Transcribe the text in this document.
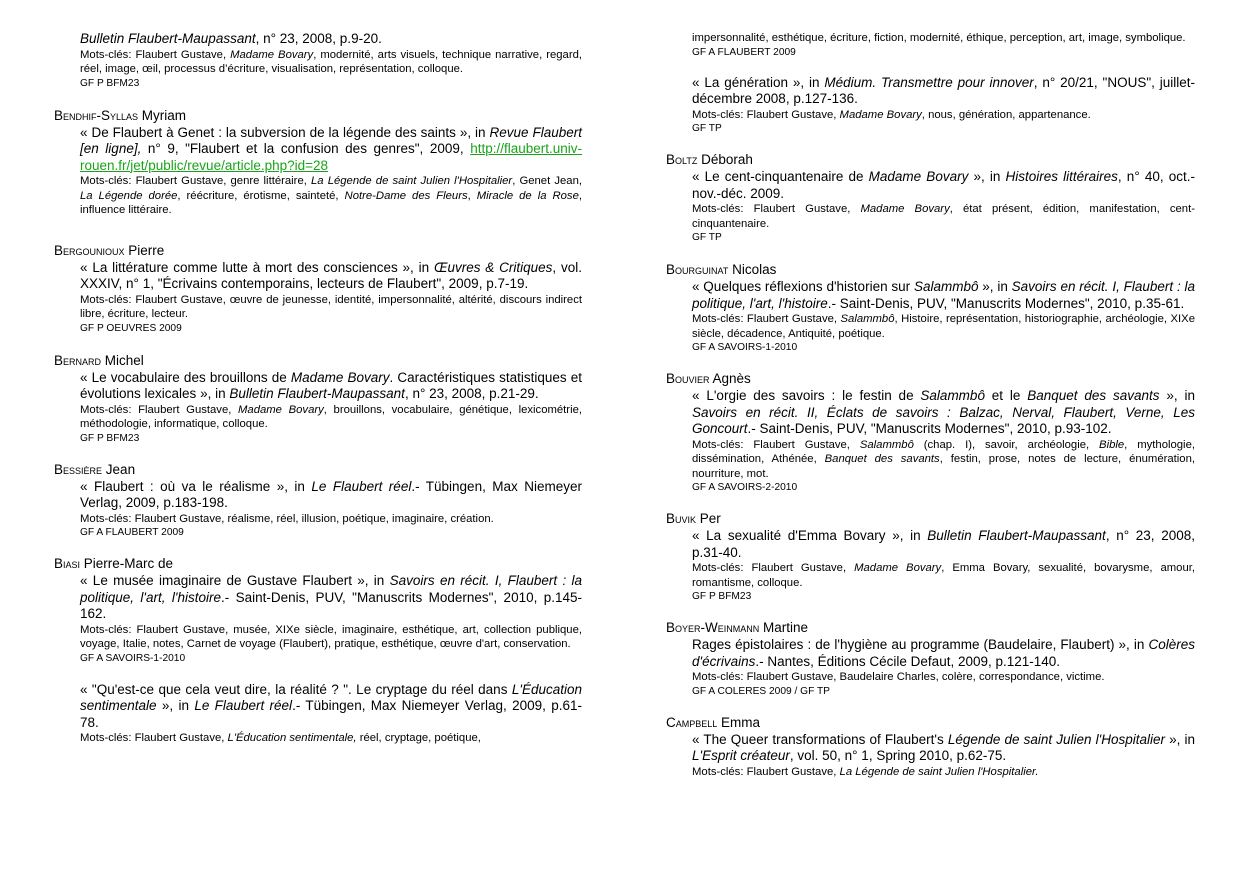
Bulletin Flaubert-Maupassant, n° 23, 2008, p.9-20.
Mots-clés: Flaubert Gustave, Madame Bovary, modernité, arts visuels, technique narrative, regard, réel, image, œil, processus d’écriture, visualisation, représentation, colloque.
GF P BFM23
Bendhif-Syllas Myriam
« De Flaubert à Genet : la subversion de la légende des saints », in Revue Flaubert [en ligne], n° 9, "Flaubert et la confusion des genres", 2009, http://flaubert.univ-rouen.fr/jet/public/revue/article.php?id=28
Mots-clés: Flaubert Gustave, genre littéraire, La Légende de saint Julien l'Hospitalier, Genet Jean, La Légende dorée, réécriture, érotisme, sainteté, Notre-Dame des Fleurs, Miracle de la Rose, influence littéraire.
Bergounioux Pierre
« La littérature comme lutte à mort des consciences », in Œuvres & Critiques, vol. XXXIV, n° 1, "Écrivains contemporains, lecteurs de Flaubert", 2009, p.7-19.
Mots-clés: Flaubert Gustave, œuvre de jeunesse, identité, impersonnalité, altérité, discours indirect libre, écriture, lecteur.
GF P OEUVRES 2009
Bernard Michel
« Le vocabulaire des brouillons de Madame Bovary. Caractéristiques statistiques et évolutions lexicales », in Bulletin Flaubert-Maupassant, n° 23, 2008, p.21-29.
Mots-clés: Flaubert Gustave, Madame Bovary, brouillons, vocabulaire, génétique, lexicométrie, méthodologie, informatique, colloque.
GF P BFM23
Bessière Jean
« Flaubert : où va le réalisme », in Le Flaubert réel.- Tübingen, Max Niemeyer Verlag, 2009, p.183-198.
Mots-clés: Flaubert Gustave, réalisme, réel, illusion, poétique, imaginaire, création.
GF A FLAUBERT 2009
Biasi Pierre-Marc de
« Le musée imaginaire de Gustave Flaubert », in Savoirs en récit. I, Flaubert : la politique, l'art, l'histoire.- Saint-Denis, PUV, "Manuscrits Modernes", 2010, p.145-162.
Mots-clés: Flaubert Gustave, musée, XIXe siècle, imaginaire, esthétique, art, collection publique, voyage, Italie, notes, Carnet de voyage (Flaubert), pratique, esthétique, œuvre d'art, conservation.
GF A SAVOIRS-1-2010
« "Qu'est-ce que cela veut dire, la réalité ? ". Le cryptage du réel dans L'Éducation sentimentale », in Le Flaubert réel.- Tübingen, Max Niemeyer Verlag, 2009, p.61-78.
Mots-clés: Flaubert Gustave, L'Éducation sentimentale, réel, cryptage, poétique,
impersonnalité, esthétique, écriture, fiction, modernité, éthique, perception, art, image, symbolique.
GF A FLAUBERT 2009
« La génération », in Médium. Transmettre pour innover, n° 20/21, "NOUS", juillet-décembre 2008, p.127-136.
Mots-clés: Flaubert Gustave, Madame Bovary, nous, génération, appartenance.
GF TP
Boltz Déborah
« Le cent-cinquantenaire de Madame Bovary », in Histoires littéraires, n° 40, oct.-nov.-déc. 2009.
Mots-clés: Flaubert Gustave, Madame Bovary, état présent, édition, manifestation, cent-cinquantenaire.
GF TP
Bourguinat Nicolas
« Quelques réflexions d'historien sur Salammbô », in Savoirs en récit. I, Flaubert : la politique, l'art, l'histoire.- Saint-Denis, PUV, "Manuscrits Modernes", 2010, p.35-61.
Mots-clés: Flaubert Gustave, Salammbô, Histoire, représentation, historiographie, archéologie, XIXe siècle, décadence, Antiquité, poétique.
GF A SAVOIRS-1-2010
Bouvier Agnès
« L'orgie des savoirs : le festin de Salammbô et le Banquet des savants », in Savoirs en récit. II, Éclats de savoirs : Balzac, Nerval, Flaubert, Verne, Les Goncourt.- Saint-Denis, PUV, "Manuscrits Modernes", 2010, p.93-102.
Mots-clés: Flaubert Gustave, Salammbô (chap. I), savoir, archéologie, Bible, mythologie, dissémination, Athénée, Banquet des savants, festin, prose, notes de lecture, énumération, nourriture, mot.
GF A SAVOIRS-2-2010
Buvik Per
« La sexualité d'Emma Bovary », in Bulletin Flaubert-Maupassant, n° 23, 2008, p.31-40.
Mots-clés: Flaubert Gustave, Madame Bovary, Emma Bovary, sexualité, bovarysme, amour, romantisme, colloque.
GF P BFM23
Boyer-Weinmann Martine
Rages épistolaires : de l'hygiène au programme (Baudelaire, Flaubert) », in Colères d'écrivains.- Nantes, Éditions Cécile Defaut, 2009, p.121-140.
Mots-clés: Flaubert Gustave, Baudelaire Charles, colère, correspondance, victime.
GF A COLERES 2009 / GF TP
Campbell Emma
« The Queer transformations of Flaubert's Légende de saint Julien l'Hospitalier », in L'Esprit créateur, vol. 50, n° 1, Spring 2010, p.62-75.
Mots-clés: Flaubert Gustave, La Légende de saint Julien l'Hospitalier.
